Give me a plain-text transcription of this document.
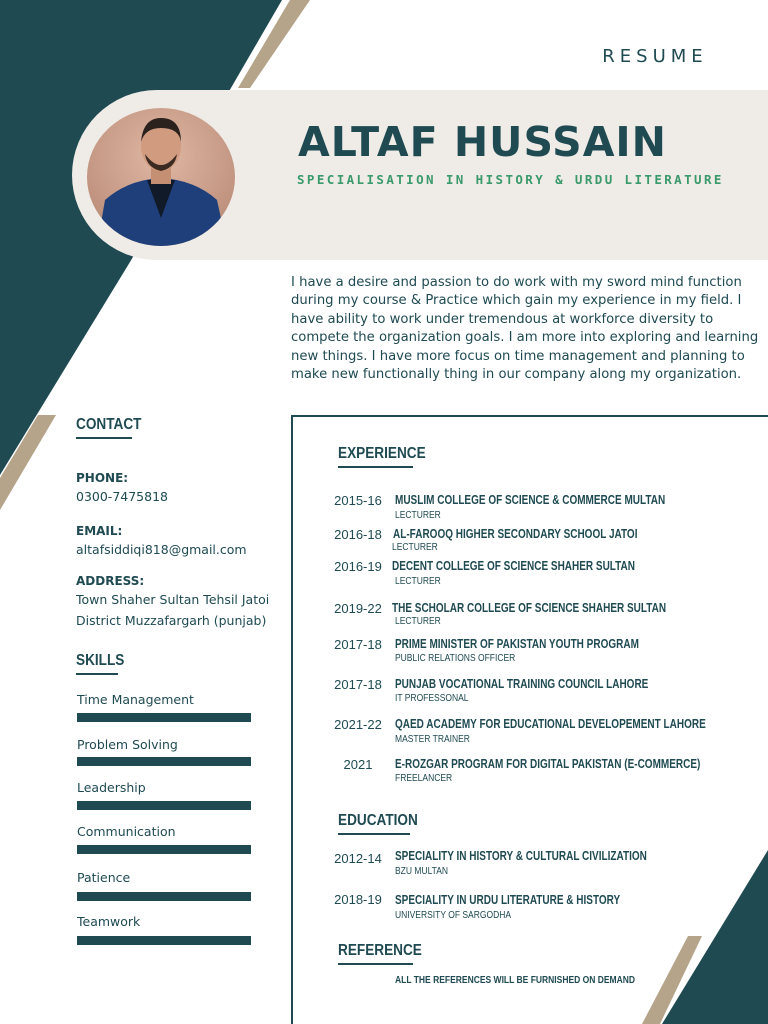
RESUME
ALTAF HUSSAIN
SPECIALISATION IN HISTORY & URDU LITERATURE
I have a desire and passion to do work with my sword mind function during my course & Practice which gain my experience in my field. I have ability to work under tremendous at workforce diversity to compete the organization goals. I am more into exploring and learning new things. I have more focus on time management and planning to make new functionally thing in our company along my organization.
CONTACT
PHONE:
0300-7475818
EMAIL:
altafsiddiqi818@gmail.com
ADDRESS:
Town Shaher Sultan Tehsil Jatoi
District Muzzafargarh (punjab)
SKILLS
Time Management
Problem Solving
Leadership
Communication
Patience
Teamwork
EXPERIENCE
2015-16 MUSLIM COLLEGE OF SCIENCE & COMMERCE MULTAN
LECTURER
2016-18 AL-FAROOQ HIGHER SECONDARY SCHOOL JATOI
LECTURER
2016-19 DECENT COLLEGE OF SCIENCE SHAHER SULTAN
LECTURER
2019-22 THE SCHOLAR COLLEGE OF SCIENCE SHAHER SULTAN
LECTURER
2017-18 PRIME MINISTER OF PAKISTAN YOUTH PROGRAM
PUBLIC RELATIONS OFFICER
2017-18 PUNJAB VOCATIONAL TRAINING COUNCIL LAHORE
IT PROFESSONAL
2021-22 QAED ACADEMY FOR EDUCATIONAL DEVELOPEMENT LAHORE
MASTER TRAINER
2021	E-ROZGAR PROGRAM FOR DIGITAL PAKISTAN (E-COMMERCE)
FREELANCER
EDUCATION
2012-14 SPECIALITY IN HISTORY & CULTURAL CIVILIZATION
BZU MULTAN
2018-19 SPECIALITY IN URDU LITERATURE & HISTORY
UNIVERSITY OF SARGODHA
REFERENCE
ALL THE REFERENCES WILL BE FURNISHED ON DEMAND
